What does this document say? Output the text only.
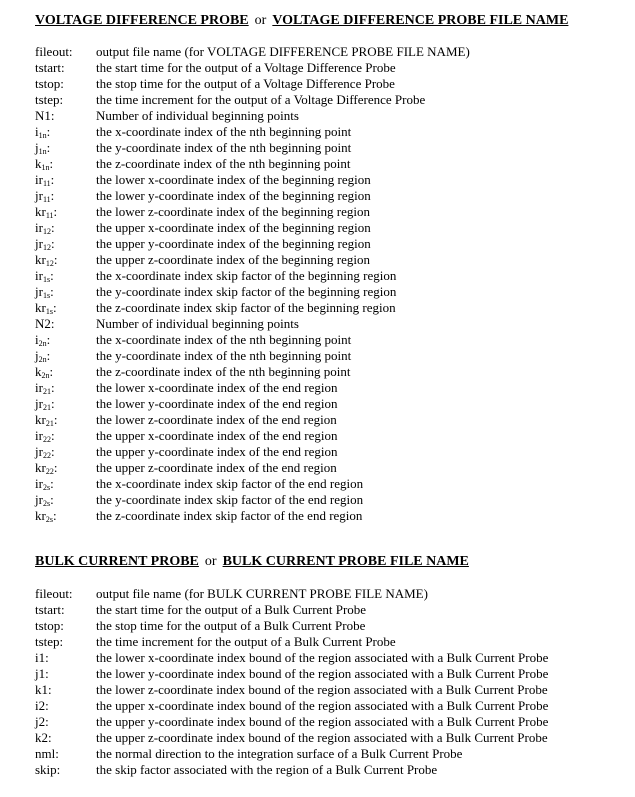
VOLTAGE DIFFERENCE PROBE or VOLTAGE DIFFERENCE PROBE FILE NAME
fileout:	output file name (for VOLTAGE DIFFERENCE PROBE FILE NAME)
tstart:	the start time for the output of a Voltage Difference Probe
tstop:	the stop time for the output of a Voltage Difference Probe
tstep:	the time increment for the output of a Voltage Difference Probe
N1:	Number of individual beginning points
$i_{1n}$:	the x-coordinate index of the nth beginning point
$j_{1n}$:	the y-coordinate index of the nth beginning point
$k_{1n}$:	the z-coordinate index of the nth beginning point
$ir_{11}$:	the lower x-coordinate index of the beginning region
$jr_{11}$:	the lower y-coordinate index of the beginning region
$kr_{11}$:	the lower z-coordinate index of the beginning region
$ir_{12}$:	the upper x-coordinate index of the beginning region
$jr_{12}$:	the upper y-coordinate index of the beginning region
$kr_{12}$:	the upper z-coordinate index of the beginning region
$ir_{1s}$:	the x-coordinate index skip factor of the beginning region
$jr_{1s}$:	the y-coordinate index skip factor of the beginning region
$kr_{1s}$:	the z-coordinate index skip factor of the beginning region
N2:	Number of individual beginning points
$i_{2n}$:	the x-coordinate index of the nth beginning point
$j_{2n}$:	the y-coordinate index of the nth beginning point
$k_{2n}$:	the z-coordinate index of the nth beginning point
$ir_{21}$:	the lower x-coordinate index of the end region
$jr_{21}$:	the lower y-coordinate index of the end region
$kr_{21}$:	the lower z-coordinate index of the end region
$ir_{22}$:	the upper x-coordinate index of the end region
$jr_{22}$:	the upper y-coordinate index of the end region
$kr_{22}$:	the upper z-coordinate index of the end region
$ir_{2s}$:	the x-coordinate index skip factor of the end region
$jr_{2s}$:	the y-coordinate index skip factor of the end region
$kr_{2s}$:	the z-coordinate index skip factor of the end region
BULK CURRENT PROBE or BULK CURRENT PROBE FILE NAME
fileout:	output file name (for BULK CURRENT PROBE FILE NAME)
tstart:	the start time for the output of a Bulk Current Probe
tstop:	the stop time for the output of a Bulk Current Probe
tstep:	the time increment for the output of a Bulk Current Probe
i1:	the lower x-coordinate index bound of the region associated with a Bulk Current Probe
j1:	the lower y-coordinate index bound of the region associated with a Bulk Current Probe
k1:	the lower z-coordinate index bound of the region associated with a Bulk Current Probe
i2:	the upper x-coordinate index bound of the region associated with a Bulk Current Probe
j2:	the upper y-coordinate index bound of the region associated with a Bulk Current Probe
k2:	the upper z-coordinate index bound of the region associated with a Bulk Current Probe
nml:	the normal direction to the integration surface of a Bulk Current Probe
skip:	the skip factor associated with the region of a Bulk Current Probe
